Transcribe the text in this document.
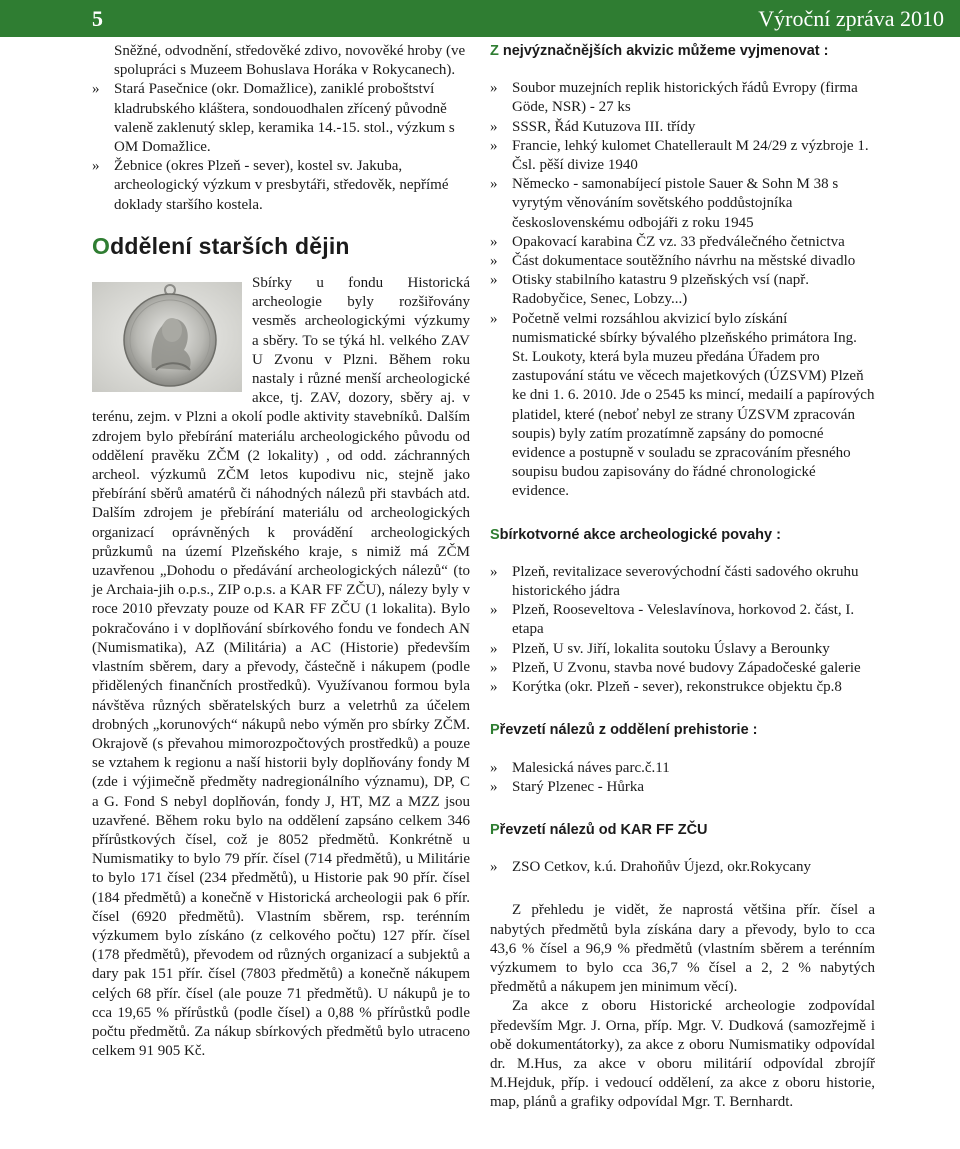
5	Výroční zpráva 2010

Sněžné, odvodnění, středověké zdivo, novověké hroby (ve spolupráci s Muzeem Bohuslava Horáka v Rokycanech).

» Stará Pasečnice (okr. Domažlice), zaniklé proboštství kladrubského kláštera, sondouodhalen zřícený původně valeně zaklenutý sklep, keramika 14.-15. stol., výzkum s OM Domažlice.

» Žebnice (okres Plzeň - sever), kostel sv. Jakuba, archeologický výzkum v presbytáři, středověk, nepřímé doklady staršího kostela.

Oddělení starších dějin

Sbírky u fondu Historická archeologie byly rozšiřovány vesměs archeologickými výzkumy a sběry. To se týká hl. velkého ZAV U Zvonu v Plzni. Během roku nastaly i různé menší archeologické akce, tj. ZAV, dozory, sběry aj. v terénu, zejm. v Plzni a okolí podle aktivity stavebníků. Dalším zdrojem bylo přebírání materiálu archeologického původu od oddělení pravěku ZČM (2 lokality) , od odd. záchranných archeol. výzkumů ZČM letos kupodivu nic, stejně jako přebírání sběrů amatérů či náhodných nálezů při stavbách atd. Dalším zdrojem je přebírání materiálu od archeologických organizací oprávněných k provádění archeologických průzkumů na území Plzeňského kraje, s nimiž má ZČM uzavřenou „Dohodu o předávání archeologických nálezů“ (to je Archaia-jih o.p.s., ZIP o.p.s. a KAR FF ZČU), nálezy byly v roce 2010 převzaty pouze od KAR FF ZČU (1 lokalita). Bylo pokračováno i v doplňování sbírkového fondu ve fondech AN (Numismatika), AZ (Militária) a AC (Historie) především vlastním sběrem, dary a převody, částečně i nákupem (podle přidělených finančních prostředků). Využívanou formou byla návštěva různých sběratelských burz a veletrhů za účelem drobných „korunových“ nákupů nebo výměn pro sbírky ZČM. Okrajově (s převahou mimorozpočtových prostředků) a pouze se vztahem k regionu a naší historii byly doplňovány fondy M (zde i výjimečně předměty nadregionálního významu), DP, C a G. Fond S nebyl doplňován, fondy J, HT, MZ a MZZ jsou uzavřené. Během roku bylo na oddělení zapsáno celkem 346 přírůstkových čísel, což je 8052 předmětů. Konkrétně u Numismatiky to bylo 79 přír. čísel (714 předmětů), u Militárie to bylo 171 čísel (234 předmětů), u Historie pak 90 přír. čísel (184 předmětů) a konečně v Historická archeologii pak 6 přír. čísel (6920 předmětů). Vlastním sběrem, rsp. terénním výzkumem bylo získáno (z celkového počtu) 127 přír. čísel (178 předmětů), převodem od různých organizací a subjektů a dary pak 151 přír. čísel (7803 předmětů) a konečně nákupem celých 68 přír. čísel (ale pouze 71 předmětů). U nákupů je to cca 19,65 % přírůstků (podle čísel) a 0,88 % přírůstků podle počtu předmětů. Za nákup sbírkových předmětů bylo utraceno celkem 91 905 Kč.

Z nejvýznačnějších akvizic můžeme vyjmenovat :

» Soubor muzejních replik historických řádů Evropy (firma Göde, NSR) - 27 ks

» SSSR, Řád Kutuzova III. třídy

» Francie, lehký kulomet Chatellerault M 24/29 z výzbroje 1. Čsl. pěší divize 1940

» Německo - samonabíjecí pistole Sauer & Sohn M 38 s vyrytým věnováním sovětského poddůstojníka československému odbojáři z roku 1945

» Opakovací karabina ČZ vz. 33 předválečného četnictva

» Část dokumentace soutěžního návrhu na městské divadlo

» Otisky stabilního katastru 9 plzeňských vsí (např. Radobyčice, Senec, Lobzy...)

» Početně velmi rozsáhlou akvizicí bylo získání numismatické sbírky bývalého plzeňského primátora Ing. St. Loukoty, která byla muzeu předána Úřadem pro zastupování státu ve věcech majetkových (ÚZSVM) Plzeň ke dni 1. 6. 2010. Jde o 2545 ks mincí, medailí a papírových platidel, které (neboť nebyl ze strany ÚZSVM zpracován soupis) byly zatím prozatímně zapsány do pomocné evidence a postupně v souladu se zpracováním přesného soupisu budou zapisovány do řádné chronologické evidence.

Sbírkotvorné akce archeologické povahy :

» Plzeň, revitalizace severovýchodní části sadového okruhu historického jádra

» Plzeň, Rooseveltova - Veleslavínova, horkovod 2. část, I. etapa

» Plzeň, U sv. Jiří, lokalita soutoku Úslavy a Berounky

» Plzeň, U Zvonu, stavba nové budovy Západočeské galerie

» Korýtka (okr. Plzeň - sever), rekonstrukce objektu čp.8

Převzetí nálezů z oddělení prehistorie :

» Malesická náves parc.č.11

» Starý Plzenec - Hůrka

Převzetí nálezů od KAR FF ZČU

» ZSO Cetkov, k.ú. Drahoňův Újezd, okr.Rokycany

Z přehledu je vidět, že naprostá většina přír. čísel a nabytých předmětů byla získána dary a převody, bylo to cca 43,6 % čísel a 96,9 % předmětů (vlastním sběrem a terénním výzkumem to bylo cca 36,7 % čísel a 2, 2 % nabytých předmětů a nákupem jen minimum věcí).

Za akce z oboru Historické archeologie zodpovídal především Mgr. J. Orna, příp. Mgr. V. Dudková (samozřejmě i obě dokumentátorky), za akce z oboru Numismatiky odpovídal dr. M.Hus, za akce v oboru militárií odpovídal zbrojíř M.Hejduk, příp. i vedoucí oddělení, za akce z oboru historie, map, plánů a grafiky odpovídal Mgr. T. Bernhardt.
